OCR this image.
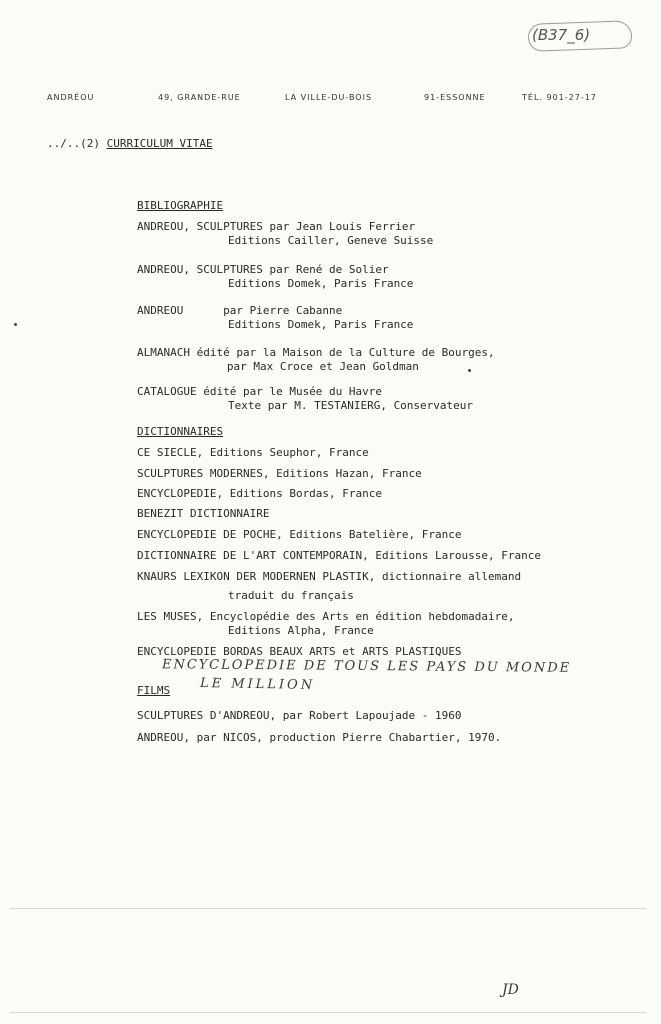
(B37_6)
ANDRÉOU	49, GRANDE-RUE	LA VILLE-DU-BOIS	91-ESSONNE	TÉL. 901-27-17
../..(2) CURRICULUM VITAE
BIBLIOGRAPHIE
ANDREOU, SCULPTURES par Jean Louis Ferrier
Editions Cailler, Geneve Suisse
ANDREOU, SCULPTURES par René de Solier
Editions Domek, Paris France
ANDREOU      par Pierre Cabanne
Editions Domek, Paris France
ALMANACH édité par la Maison de la Culture de Bourges,
par Max Croce et Jean Goldman
CATALOGUE édité par le Musée du Havre
Texte par M. TESTANIERG, Conservateur
DICTIONNAIRES
CE SIECLE, Editions Seuphor, France
SCULPTURES MODERNES, Editions Hazan, France
ENCYCLOPEDIE, Editions Bordas, France
BENEZIT DICTIONNAIRE
ENCYCLOPEDIE DE POCHE, Editions Batelière, France
DICTIONNAIRE DE L'ART CONTEMPORAIN, Editions Larousse, France
KNAURS LEXIKON DER MODERNEN PLASTIK, dictionnaire allemand
traduit du français
LES MUSES, Encyclopédie des Arts en édition hebdomadaire,
Editions Alpha, France
ENCYCLOPEDIE BORDAS BEAUX ARTS et ARTS PLASTIQUES
ENCYCLOPEDIE DE TOUS LES PAYS DU MONDE
LE MILLION
FILMS
SCULPTURES D'ANDREOU, par Robert Lapoujade - 1960
ANDREOU, par NICOS, production Pierre Chabartier, 1970.
JD
